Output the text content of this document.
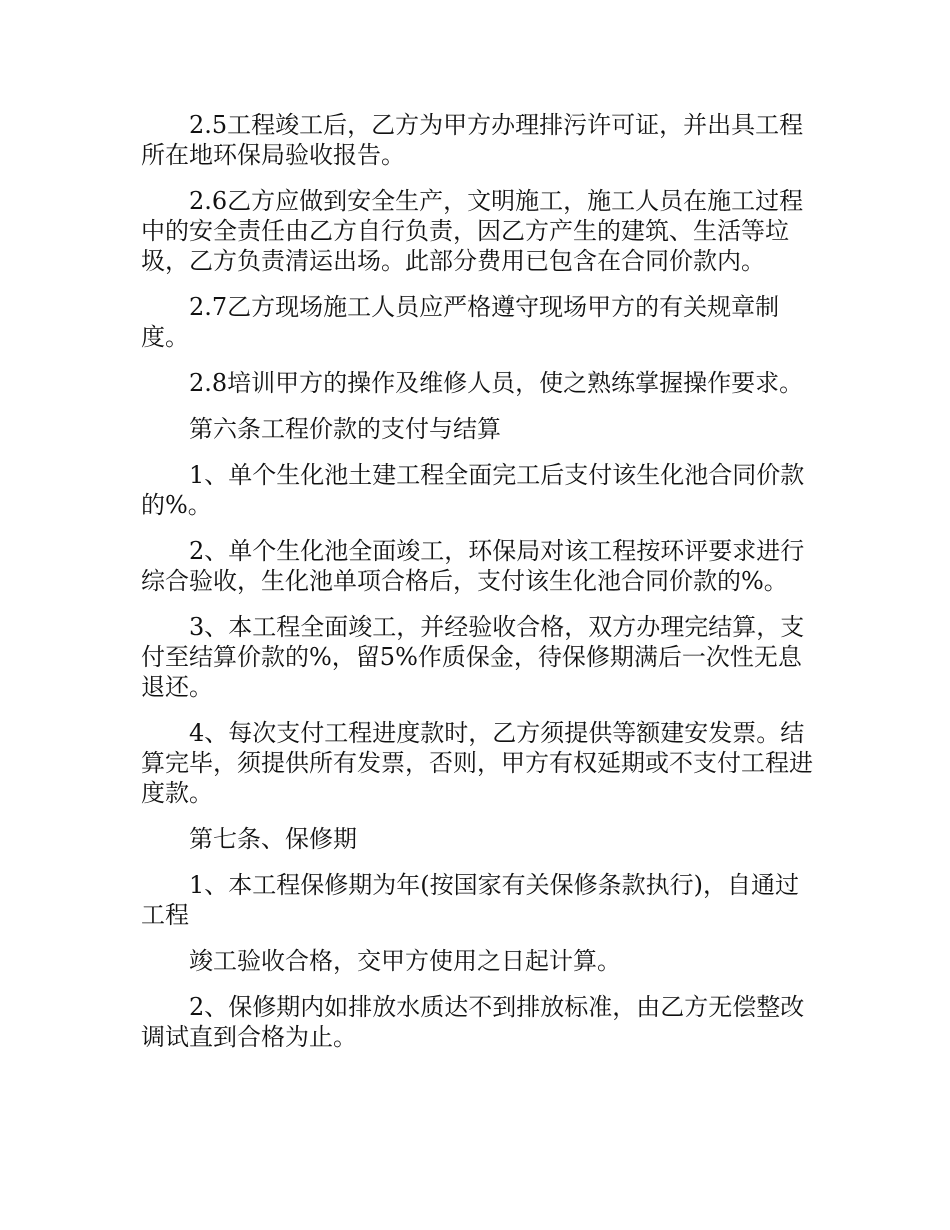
2.5工程竣工后，乙方为甲方办理排污许可证，并出具工程所在地环保局验收报告。

2.6乙方应做到安全生产，文明施工，施工人员在施工过程中的安全责任由乙方自行负责，因乙方产生的建筑、生活等垃圾，乙方负责清运出场。此部分费用已包含在合同价款内。

2.7乙方现场施工人员应严格遵守现场甲方的有关规章制度。

2.8培训甲方的操作及维修人员，使之熟练掌握操作要求。

第六条工程价款的支付与结算

1、单个生化池土建工程全面完工后支付该生化池合同价款的%。

2、单个生化池全面竣工，环保局对该工程按环评要求进行综合验收，生化池单项合格后，支付该生化池合同价款的%。

3、本工程全面竣工，并经验收合格，双方办理完结算，支付至结算价款的%，留5%作质保金，待保修期满后一次性无息退还。

4、每次支付工程进度款时，乙方须提供等额建安发票。结算完毕，须提供所有发票，否则，甲方有权延期或不支付工程进度款。

第七条、保修期

1、本工程保修期为年(按国家有关保修条款执行)，自通过工程

竣工验收合格，交甲方使用之日起计算。

2、保修期内如排放水质达不到排放标准，由乙方无偿整改调试直到合格为止。
